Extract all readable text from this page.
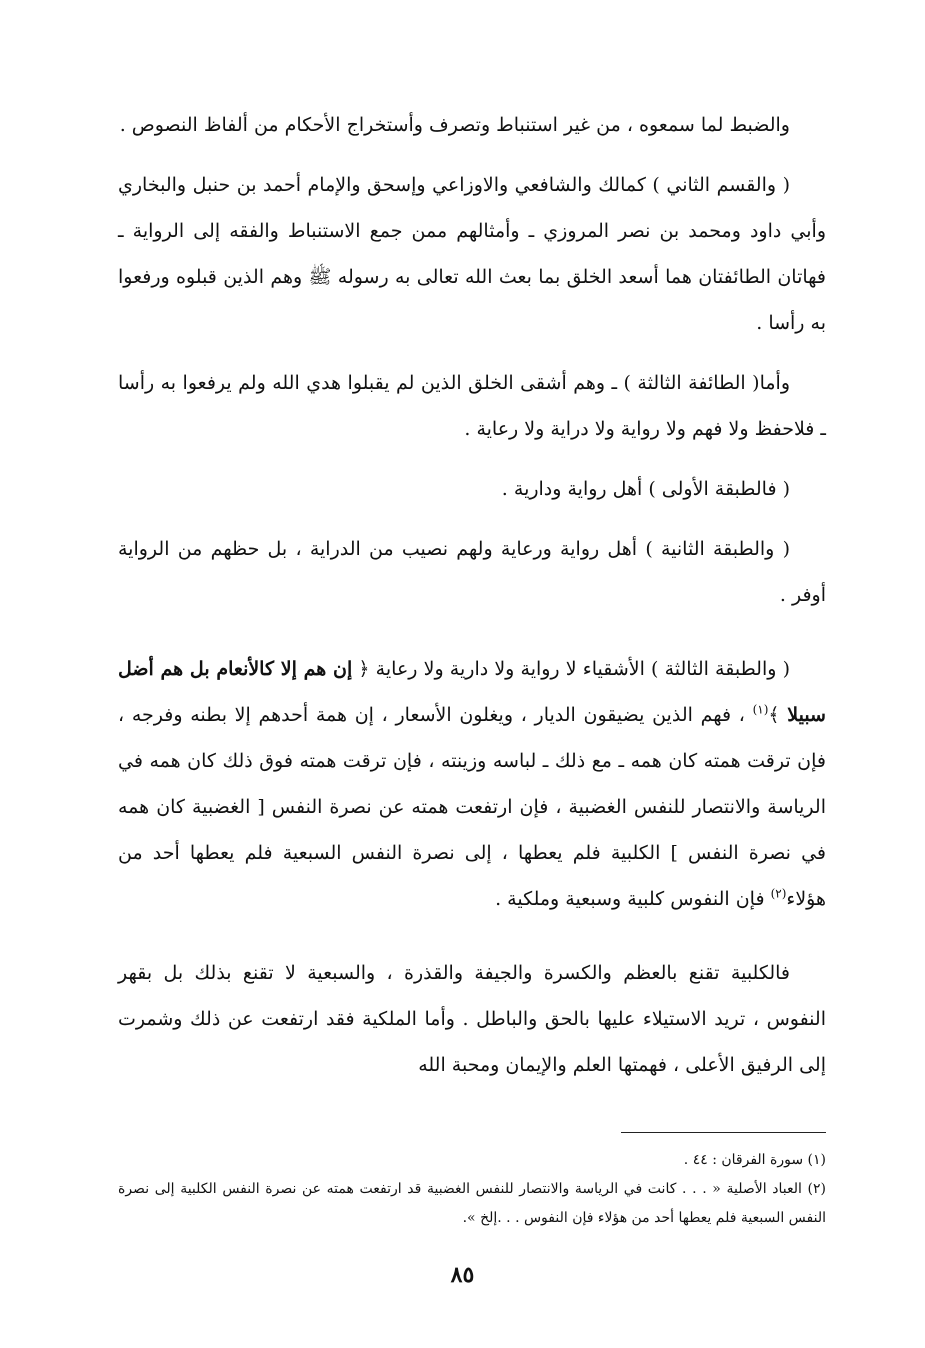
والضبط لما سمعوه ، من غير استنباط وتصرف وأستخراج الأحكام من ألفاظ النصوص .

( والقسم الثاني ) كمالك والشافعي والاوزاعي وإسحق والإمام أحمد بن حنبل والبخاري وأبي داود ومحمد بن نصر المروزي ـ وأمثالهم ممن جمع الاستنباط والفقه إلى الرواية ـ فهاتان الطائفتان هما أسعد الخلق بما بعث الله تعالى به رسوله ﷺ وهم الذين قبلوه ورفعوا به رأسا .

وأما( الطائفة الثالثة ) ـ وهم أشقى الخلق الذين لم يقبلوا هدي الله ولم يرفعوا به رأسا ـ فلاحفظ ولا فهم ولا رواية ولا دراية ولا رعاية .

( فالطبقة الأولى ) أهل رواية ودارية .

( والطبقة الثانية ) أهل رواية ورعاية ولهم نصيب من الدراية ، بل حظهم من الرواية أوفر .

( والطبقة الثالثة ) الأشقياء لا رواية ولا دارية ولا رعاية ﴿ إن هم إلا كالأنعام بل هم أضل سبيلا ﴾$^{(١)}$ ، فهم الذين يضيقون الديار ، ويغلون الأسعار ، إن همة أحدهم إلا بطنه وفرجه ، فإن ترقت همته كان همه ـ مع ذلك ـ لباسه وزينته ، فإن ترقت همته فوق ذلك كان همه في الرياسة والانتصار للنفس الغضبية ، فإن ارتفعت همته عن نصرة النفس [ الغضبية كان همه في نصرة النفس ] الكلبية فلم يعطها ، إلى نصرة النفس السبعية فلم يعطها أحد من هؤلاء$^{(٢)}$ فإن النفوس كلبية وسبعية وملكية .

فالكلبية تقنع بالعظم والكسرة والجيفة والقذرة ، والسبعية لا تقنع بذلك بل بقهر النفوس ، تريد الاستيلاء عليها بالحق والباطل . وأما الملكية فقد ارتفعت عن ذلك وشمرت إلى الرفيق الأعلى ، فهمتها العلم والإيمان ومحبة الله

(١) سورة الفرقان : ٤٤ .

(٢) العباد الأصلية « . . . كانت في الرياسة والانتصار للنفس الغضبية قد ارتفعت همته عن نصرة النفس الكلبية إلى نصرة النفس السبعية فلم يعطها أحد من هؤلاء فإن النفوس . . .إلخ ».

٨٥
